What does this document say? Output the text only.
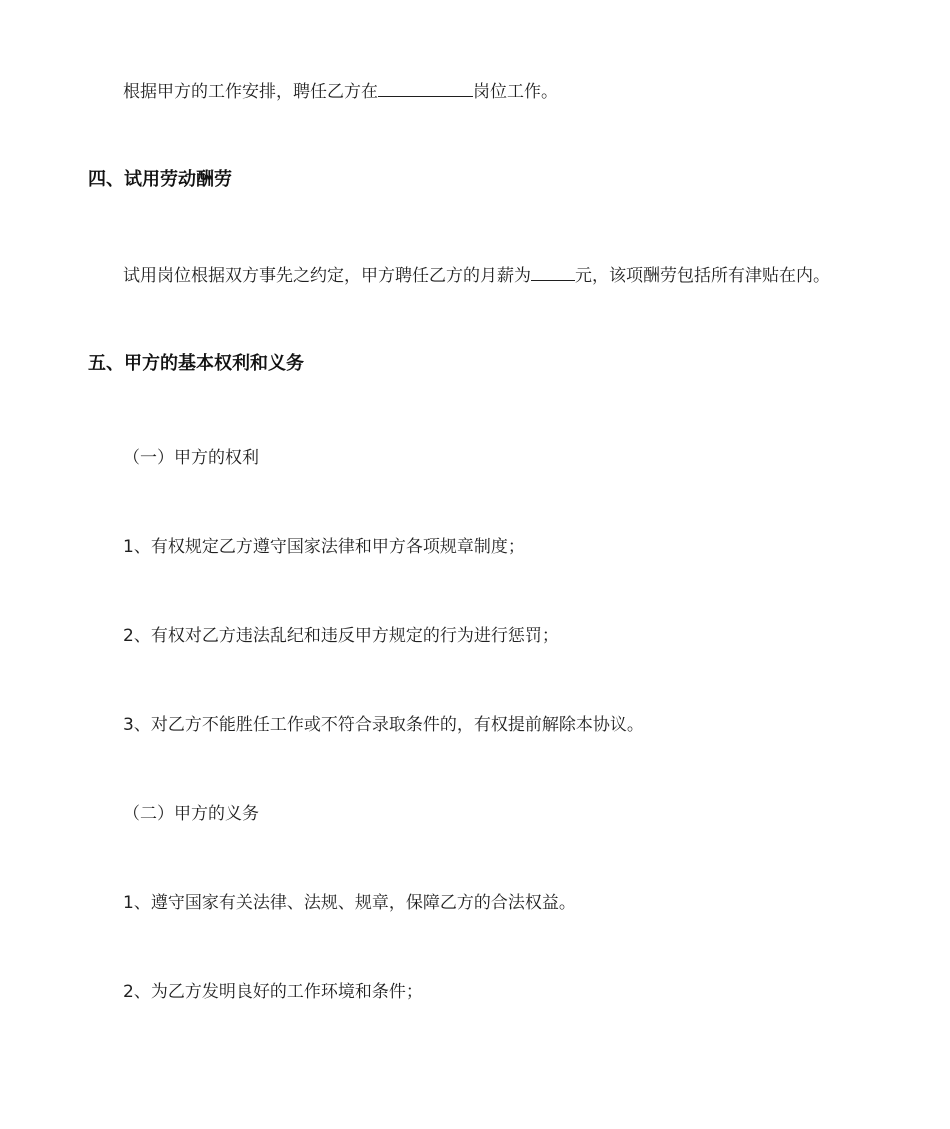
根据甲方的工作安排，聘任乙方在	岗位工作。
四、试用劳动酬劳
试用岗位根据双方事先之约定，甲方聘任乙方的月薪为	元，该项酬劳包括所有津贴在内。
五、甲方的基本权利和义务
（一）甲方的权利
1、有权规定乙方遵守国家法律和甲方各项规章制度；
2、有权对乙方违法乱纪和违反甲方规定的行为进行惩罚；
3、对乙方不能胜任工作或不符合录取条件的，有权提前解除本协议。
（二）甲方的义务
1、遵守国家有关法律、法规、规章，保障乙方的合法权益。
2、为乙方发明良好的工作环境和条件；
